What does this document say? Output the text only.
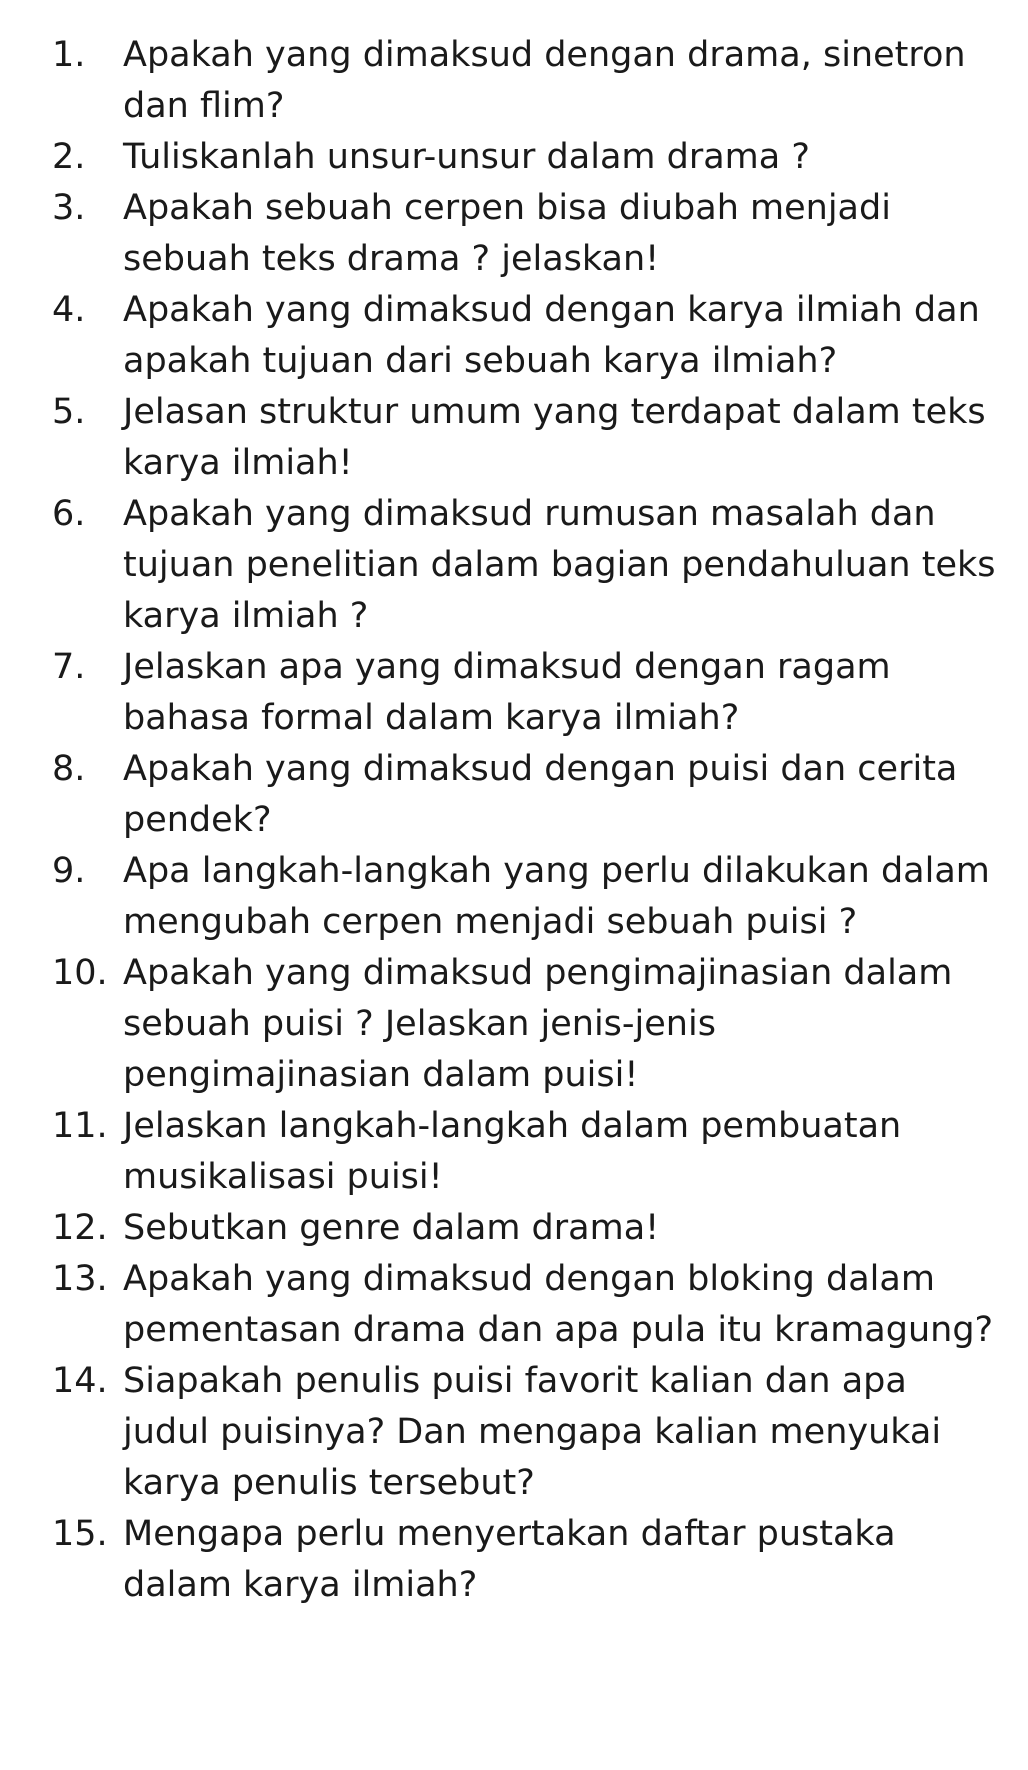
1.	Apakah yang dimaksud dengan drama, sinetron dan flim?
2.	Tuliskanlah unsur-unsur dalam drama ?
3.	Apakah sebuah cerpen bisa diubah menjadi sebuah teks drama ? jelaskan!
4.	Apakah yang dimaksud dengan karya ilmiah dan apakah tujuan dari sebuah karya ilmiah?
5.	Jelasan struktur umum yang terdapat dalam teks karya ilmiah!
6.	Apakah yang dimaksud rumusan masalah dan tujuan penelitian dalam bagian pendahuluan teks karya ilmiah ?
7.	Jelaskan apa yang dimaksud dengan ragam bahasa formal dalam karya ilmiah?
8.	Apakah yang dimaksud dengan puisi dan cerita pendek?
9.	Apa langkah-langkah yang perlu dilakukan dalam mengubah cerpen menjadi sebuah puisi ?
10. Apakah yang dimaksud pengimajinasian dalam sebuah puisi ? Jelaskan jenis-jenis pengimajinasian dalam puisi!
11. Jelaskan langkah-langkah dalam pembuatan musikalisasi puisi!
12. Sebutkan genre dalam drama!
13. Apakah yang dimaksud dengan bloking dalam pementasan drama dan apa pula itu kramagung?
14. Siapakah penulis puisi favorit kalian dan apa judul puisinya? Dan mengapa kalian menyukai karya penulis tersebut?
15. Mengapa perlu menyertakan daftar pustaka dalam karya ilmiah?
